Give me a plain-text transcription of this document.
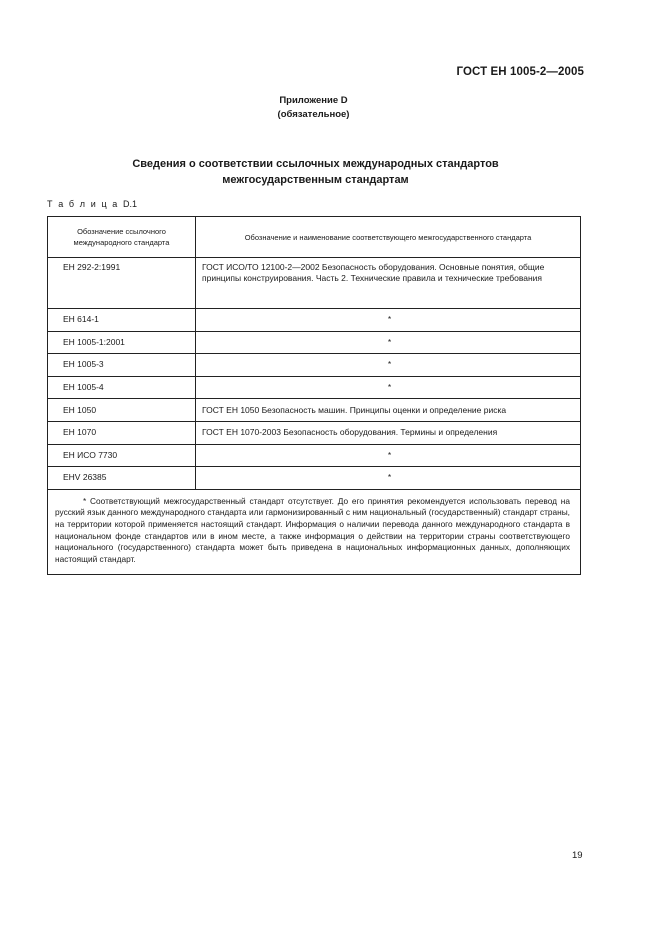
ГОСТ ЕН 1005-2—2005
Приложение D
(обязательное)
Сведения о соответствии ссылочных международных стандартов
межгосударственным стандартам
Т а б л и ц а D.1
Обозначение ссылочного международного стандарта	Обозначение и наименование соответствующего межгосударственного стандарта
ЕН 292-2:1991	ГОСТ ИСО/ТО 12100-2—2002 Безопасность оборудования. Основные понятия, общие принципы конструирования. Часть 2. Технические правила и технические требования
ЕН 614-1	*
ЕН 1005-1:2001	*
ЕН 1005-3	*
ЕН 1005-4	*
ЕН 1050	ГОСТ ЕН 1050 Безопасность машин. Принципы оценки и определение риска
ЕН 1070	ГОСТ ЕН 1070-2003 Безопасность оборудования. Термины и определения
ЕН ИСО 7730	*
ЕНV 26385	*
* Соответствующий межгосударственный стандарт отсутствует. До его принятия рекомендуется использовать перевод на русский язык данного международного стандарта или гармонизированный с ним национальный (государственный) стандарт страны, на территории которой применяется настоящий стандарт. Информация о наличии перевода данного международного стандарта в национальном фонде стандартов или в ином месте, а также информация о действии на территории страны соответствующего национального (государственного) стандарта может быть приведена в национальных информационных данных, дополняющих настоящий стандарт.
19
